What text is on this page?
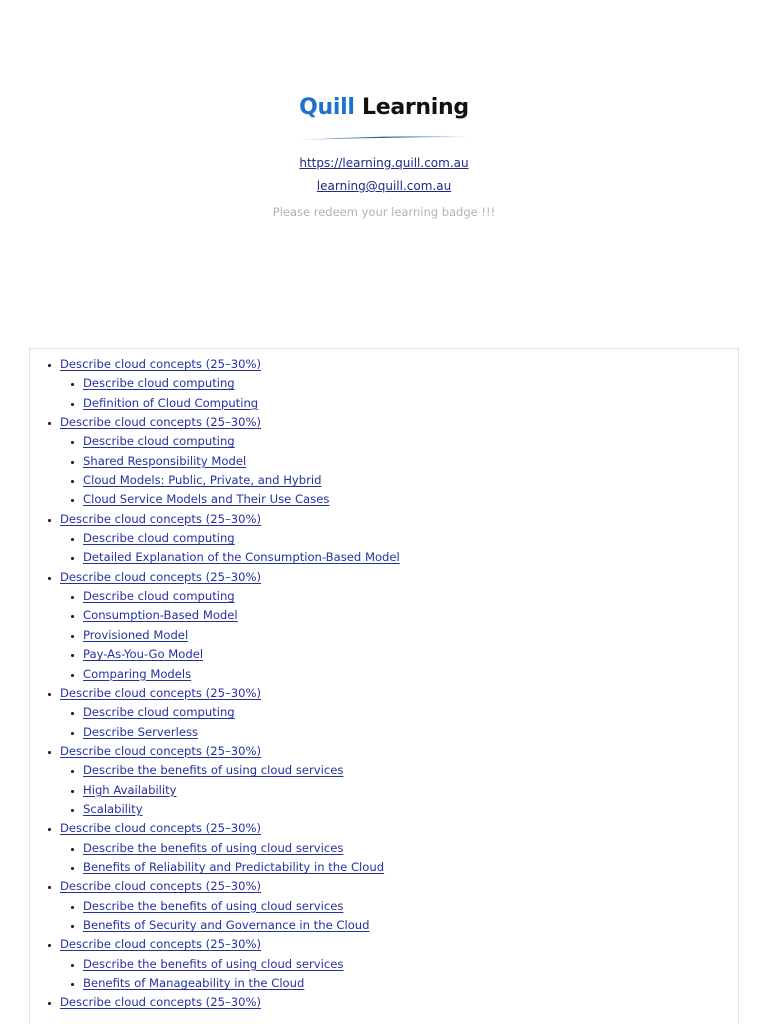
Quill Learning
https://learning.quill.com.au
learning@quill.com.au
Please redeem your learning badge !!!
• Describe cloud concepts (25–30%)
• Describe cloud computing
• Definition of Cloud Computing
• Describe cloud concepts (25–30%)
• Describe cloud computing
• Shared Responsibility Model
• Cloud Models: Public, Private, and Hybrid
• Cloud Service Models and Their Use Cases
• Describe cloud concepts (25–30%)
• Describe cloud computing
• Detailed Explanation of the Consumption-Based Model
• Describe cloud concepts (25–30%)
• Describe cloud computing
• Consumption-Based Model
• Provisioned Model
• Pay-As-You-Go Model
• Comparing Models
• Describe cloud concepts (25–30%)
• Describe cloud computing
• Describe Serverless
• Describe cloud concepts (25–30%)
• Describe the benefits of using cloud services
• High Availability
• Scalability
• Describe cloud concepts (25–30%)
• Describe the benefits of using cloud services
• Benefits of Reliability and Predictability in the Cloud
• Describe cloud concepts (25–30%)
• Describe the benefits of using cloud services
• Benefits of Security and Governance in the Cloud
• Describe cloud concepts (25–30%)
• Describe the benefits of using cloud services
• Benefits of Manageability in the Cloud
• Describe cloud concepts (25–30%)
